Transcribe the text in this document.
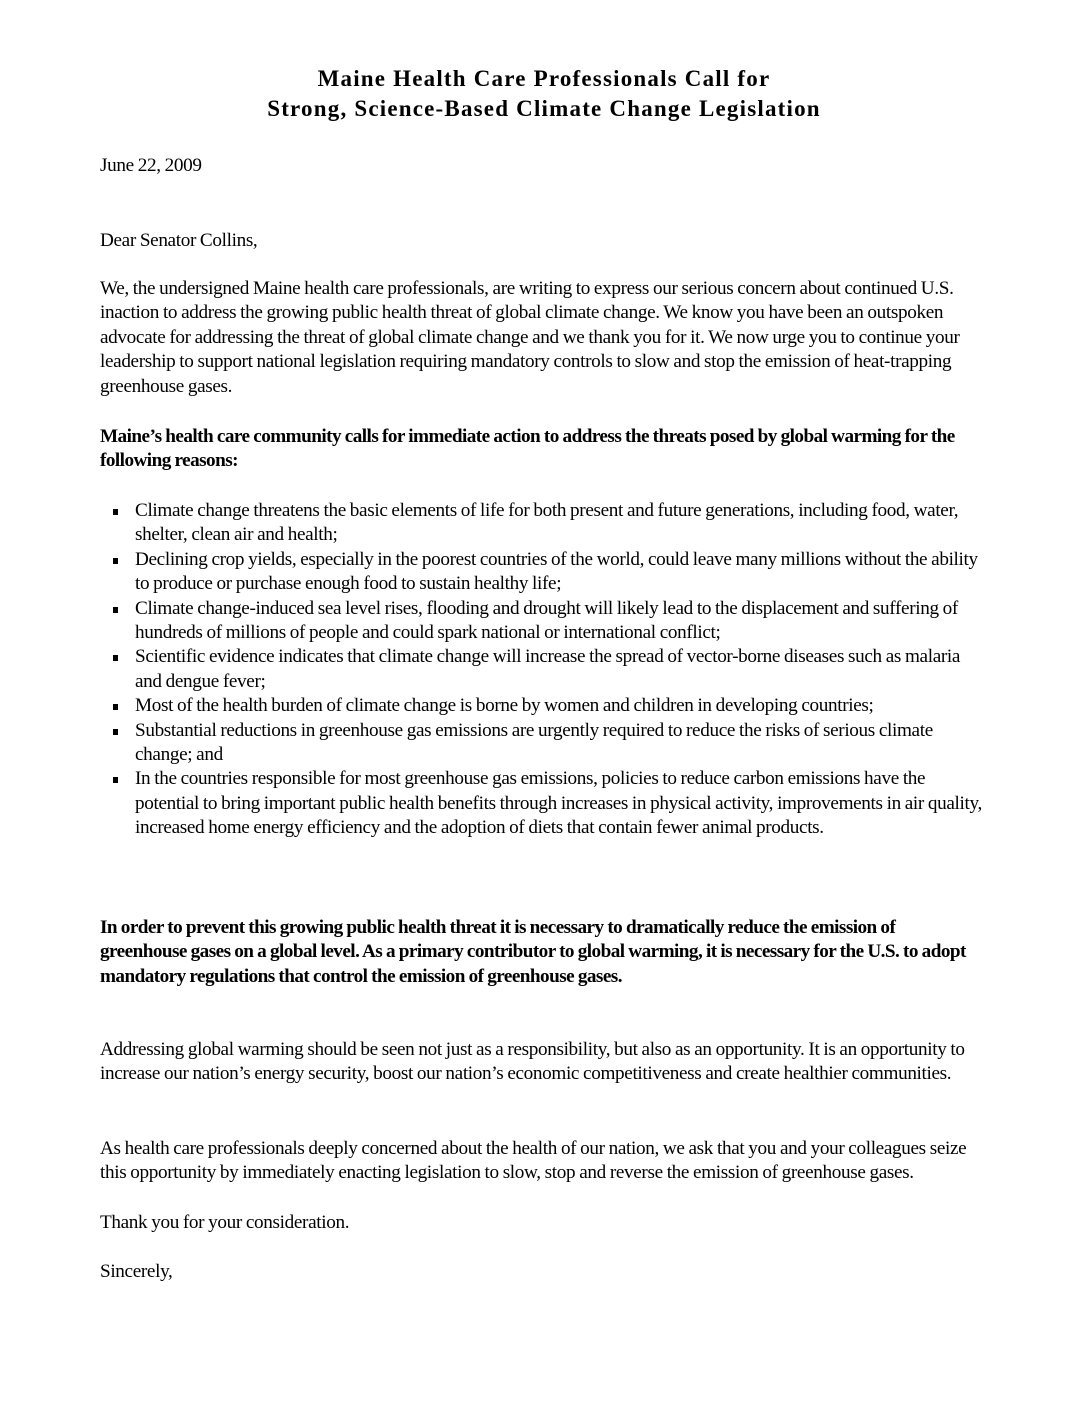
Maine Health Care Professionals Call for
Strong, Science-Based Climate Change Legislation
June 22, 2009
Dear Senator Collins,
We, the undersigned Maine health care professionals, are writing to express our serious concern about continued U.S. inaction to address the growing public health threat of global climate change. We know you have been an outspoken advocate for addressing the threat of global climate change and we thank you for it. We now urge you to continue your leadership to support national legislation requiring mandatory controls to slow and stop the emission of heat-trapping greenhouse gases.
Maine’s health care community calls for immediate action to address the threats posed by global warming for the following reasons:
Climate change threatens the basic elements of life for both present and future generations, including food, water, shelter, clean air and health;
Declining crop yields, especially in the poorest countries of the world, could leave many millions without the ability to produce or purchase enough food to sustain healthy life;
Climate change-induced sea level rises, flooding and drought will likely lead to the displacement and suffering of hundreds of millions of people and could spark national or international conflict;
Scientific evidence indicates that climate change will increase the spread of vector-borne diseases such as malaria and dengue fever;
Most of the health burden of climate change is borne by women and children in developing countries;
Substantial reductions in greenhouse gas emissions are urgently required to reduce the risks of serious climate change; and
In the countries responsible for most greenhouse gas emissions, policies to reduce carbon emissions have the potential to bring important public health benefits through increases in physical activity, improvements in air quality, increased home energy efficiency and the adoption of diets that contain fewer animal products.
In order to prevent this growing public health threat it is necessary to dramatically reduce the emission of greenhouse gases on a global level. As a primary contributor to global warming, it is necessary for the U.S. to adopt mandatory regulations that control the emission of greenhouse gases.
Addressing global warming should be seen not just as a responsibility, but also as an opportunity. It is an opportunity to increase our nation’s energy security, boost our nation’s economic competitiveness and create healthier communities.
As health care professionals deeply concerned about the health of our nation, we ask that you and your colleagues seize this opportunity by immediately enacting legislation to slow, stop and reverse the emission of greenhouse gases.
Thank you for your consideration.
Sincerely,
